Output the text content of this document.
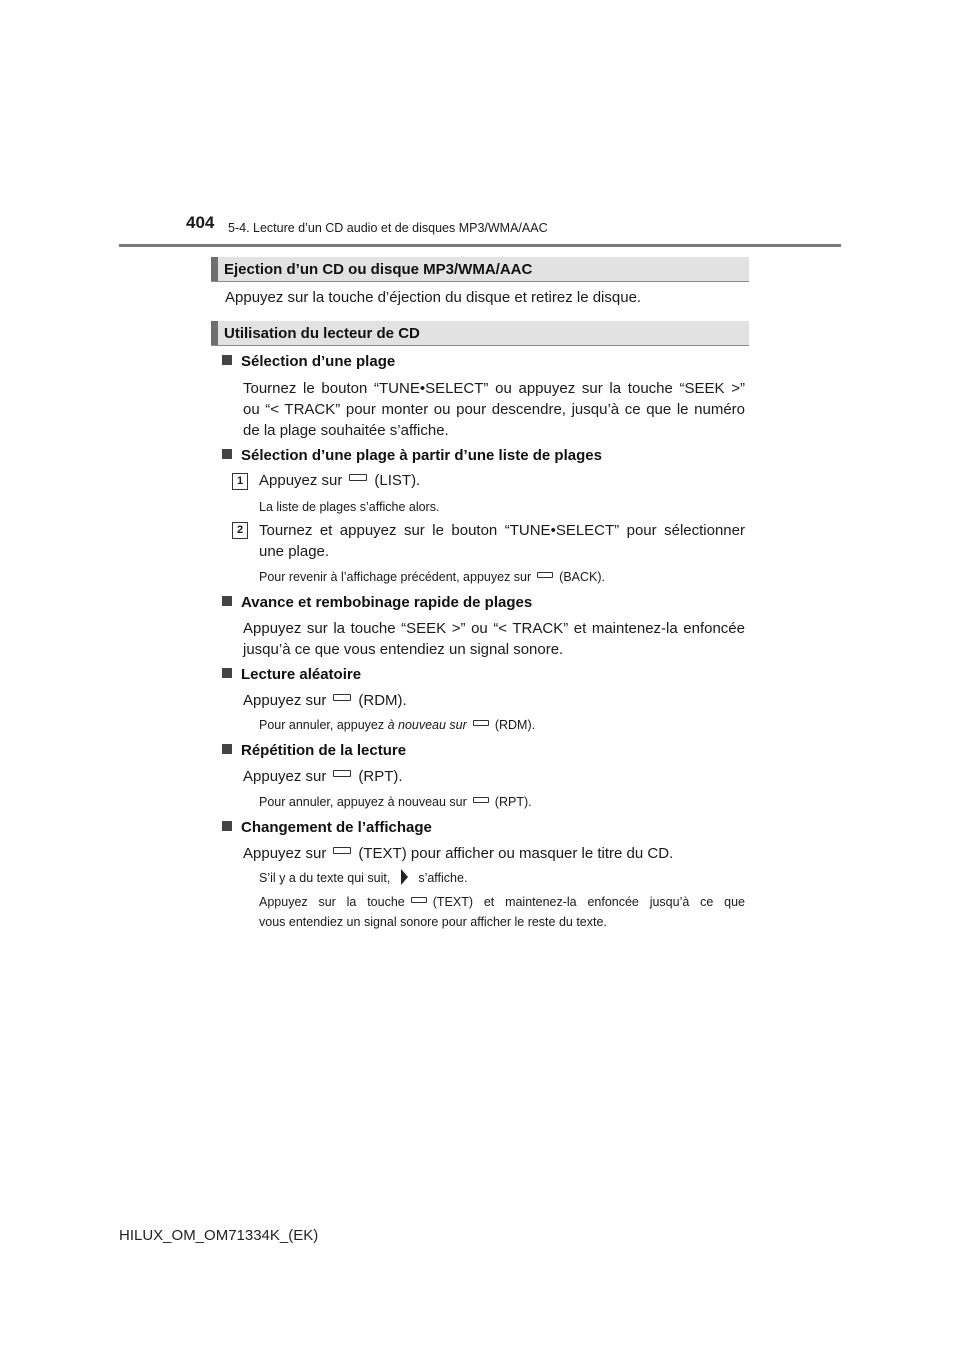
404 5-4. Lecture d’un CD audio et de disques MP3/WMA/AAC
Ejection d’un CD ou disque MP3/WMA/AAC
Appuyez sur la touche d’éjection du disque et retirez le disque.
Utilisation du lecteur de CD
Sélection d’une plage
Tournez le bouton “TUNE•SELECT” ou appuyez sur la touche “SEEK >”
ou “< TRACK” pour monter ou pour descendre, jusqu’à ce que le numéro
de la plage souhaitée s’affiche.
Sélection d’une plage à partir d’une liste de plages
1	Appuyez sur (LIST).
La liste de plages s’affiche alors.
2	Tournez et appuyez sur le bouton “TUNE•SELECT” pour sélectionner
une plage.
Pour revenir à l’affichage précédent, appuyez sur (BACK).
Avance et rembobinage rapide de plages
Appuyez sur la touche “SEEK >” ou “< TRACK” et maintenez-la enfoncée
jusqu’à ce que vous entendiez un signal sonore.
Lecture aléatoire
Appuyez sur (RDM).
Pour annuler, appuyez à nouveau sur (RDM).
Répétition de la lecture
Appuyez sur (RPT).
Pour annuler, appuyez à nouveau sur (RPT).
Changement de l’affichage
Appuyez sur (TEXT) pour afficher ou masquer le titre du CD.
S’il y a du texte qui suit, s’affiche.
Appuyez sur la touche (TEXT) et maintenez-la enfoncée jusqu’à ce que
vous entendiez un signal sonore pour afficher le reste du texte.
HILUX_OM_OM71334K_(EK)
